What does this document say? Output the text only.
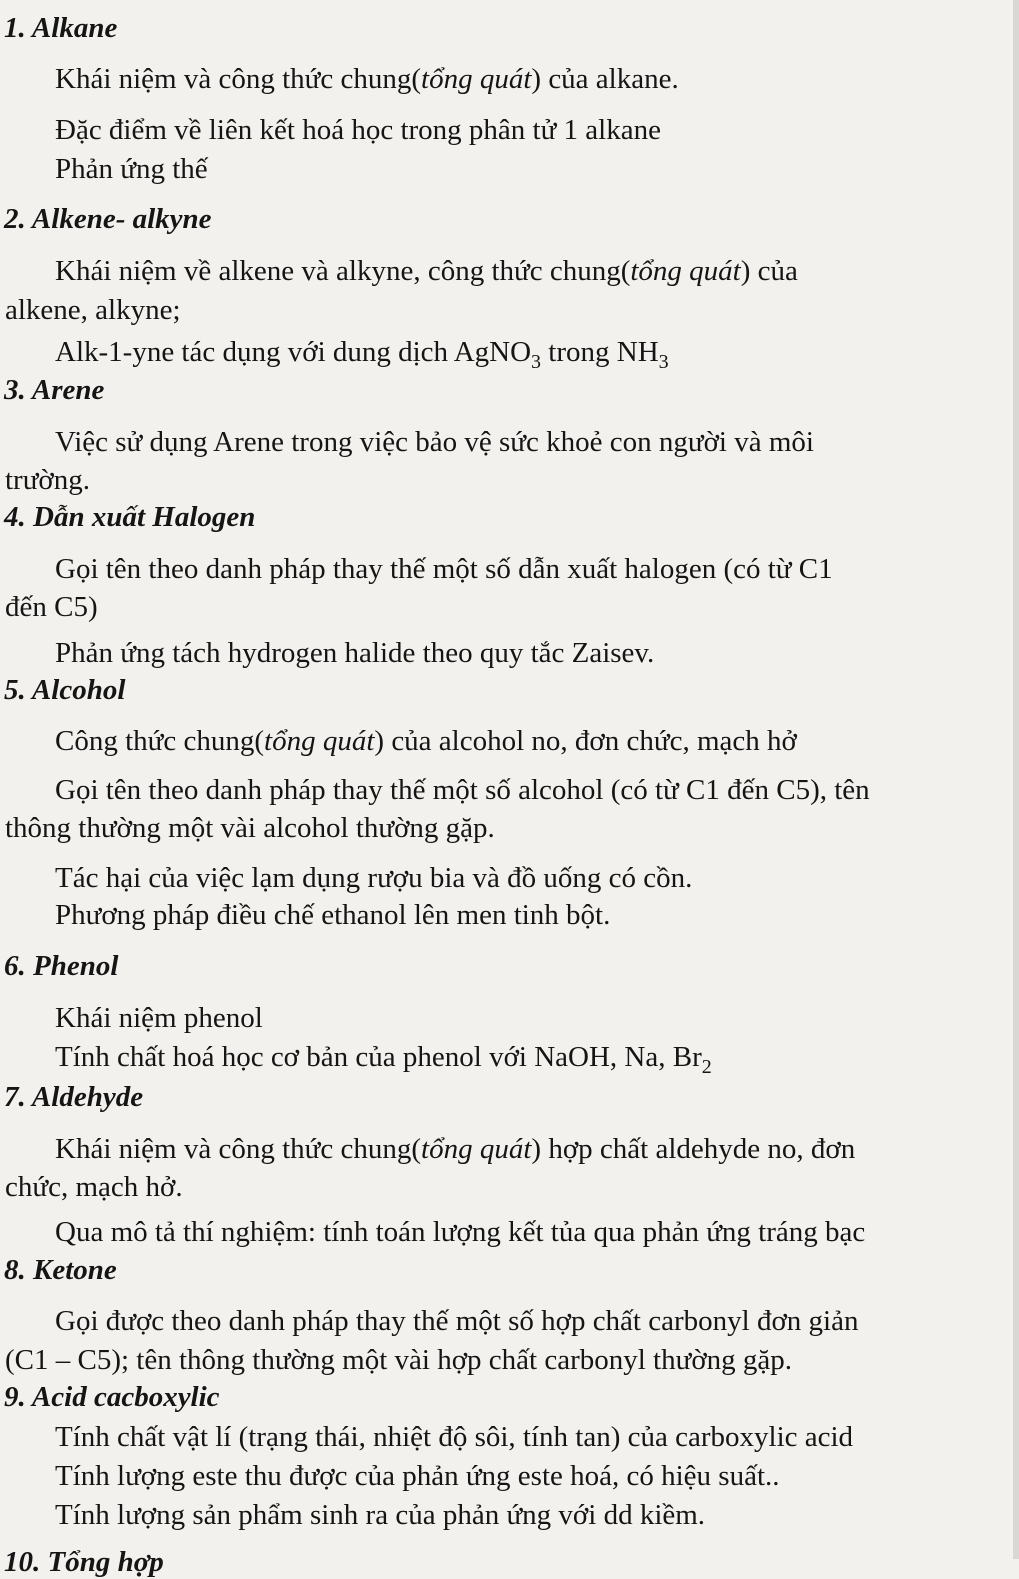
1. Alkane
Khái niệm và công thức chung(tổng quát) của alkane.
Đặc điểm về liên kết hoá học trong phân tử 1 alkane
Phản ứng thế
2. Alkene- alkyne
Khái niệm về alkene và alkyne, công thức chung(tổng quát) của
alkene, alkyne;
Alk-1-yne tác dụng với dung dịch AgNO$_3$ trong $NH_3$
3. Arene
Việc sử dụng Arene trong việc bảo vệ sức khoẻ con người và môi
trường.
4. Dẫn xuất Halogen
Gọi tên theo danh pháp thay thế một số dẫn xuất halogen (có từ C1
đến C5)
Phản ứng tách hydrogen halide theo quy tắc Zaisev.
5. Alcohol
Công thức chung(tổng quát) của alcohol no, đơn chức, mạch hở
Gọi tên theo danh pháp thay thế một số alcohol (có từ C1 đến C5), tên
thông thường một vài alcohol thường gặp.
Tác hại của việc lạm dụng rượu bia và đồ uống có cồn.
Phương pháp điều chế ethanol lên men tinh bột.
6. Phenol
Khái niệm phenol
Tính chất hoá học cơ bản của phenol với NaOH, Na, $Br_2$
7. Aldehyde
Khái niệm và công thức chung(tổng quát) hợp chất aldehyde no, đơn
chức, mạch hở.
Qua mô tả thí nghiệm: tính toán lượng kết tủa qua phản ứng tráng bạc
8. Ketone
Gọi được theo danh pháp thay thế một số hợp chất carbonyl đơn giản
(C1 – C5); tên thông thường một vài hợp chất carbonyl thường gặp.
9. Acid cacboxylic
Tính chất vật lí (trạng thái, nhiệt độ sôi, tính tan) của carboxylic acid
Tính lượng este thu được của phản ứng este hoá, có hiệu suất..
Tính lượng sản phẩm sinh ra của phản ứng với dd kiềm.
10. Tổng hợp
